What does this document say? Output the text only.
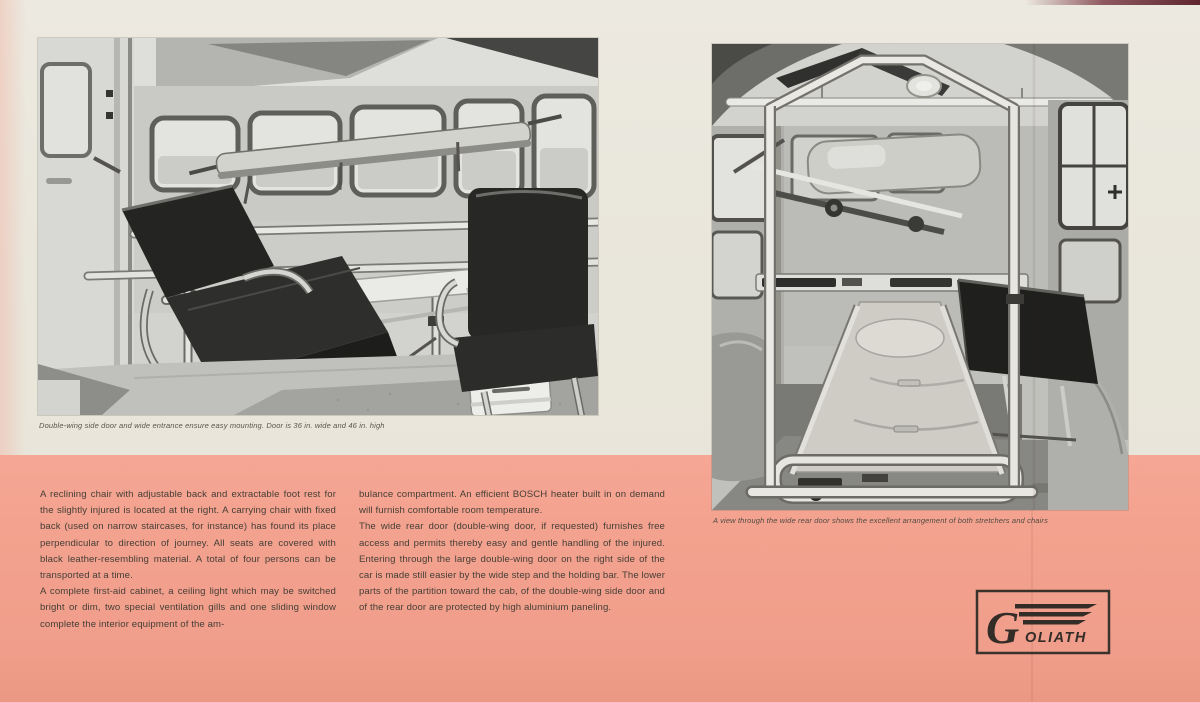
Double-wing side door and wide entrance ensure easy mounting. Door is 36 in. wide and 46 in. high
A view through the wide rear door shows the excellent arrangement of both stretchers and chairs

A reclining chair with adjustable back and extractable foot rest for the slightly injured is located at the right. A carrying chair with fixed back (used on narrow staircases, for instance) has found its place perpendicular to direction of journey. All seats are covered with black leather-resembling material. A total of four persons can be transported at a time.

A complete first-aid cabinet, a ceiling light which may be switched bright or dim, two special ventilation gills and one sliding window complete the interior equipment of the am-

bulance compartment. An efficient BOSCH heater built in on demand will furnish comfortable room temperature.

The wide rear door (double-wing door, if requested) furnishes free access and permits thereby easy and gentle handling of the injured. Entering through the large double-wing door on the right side of the car is made still easier by the wide step and the holding bar. The lower parts of the partition toward the cab, of the double-wing side door and of the rear door are protected by high aluminium paneling.	G OLIATH
